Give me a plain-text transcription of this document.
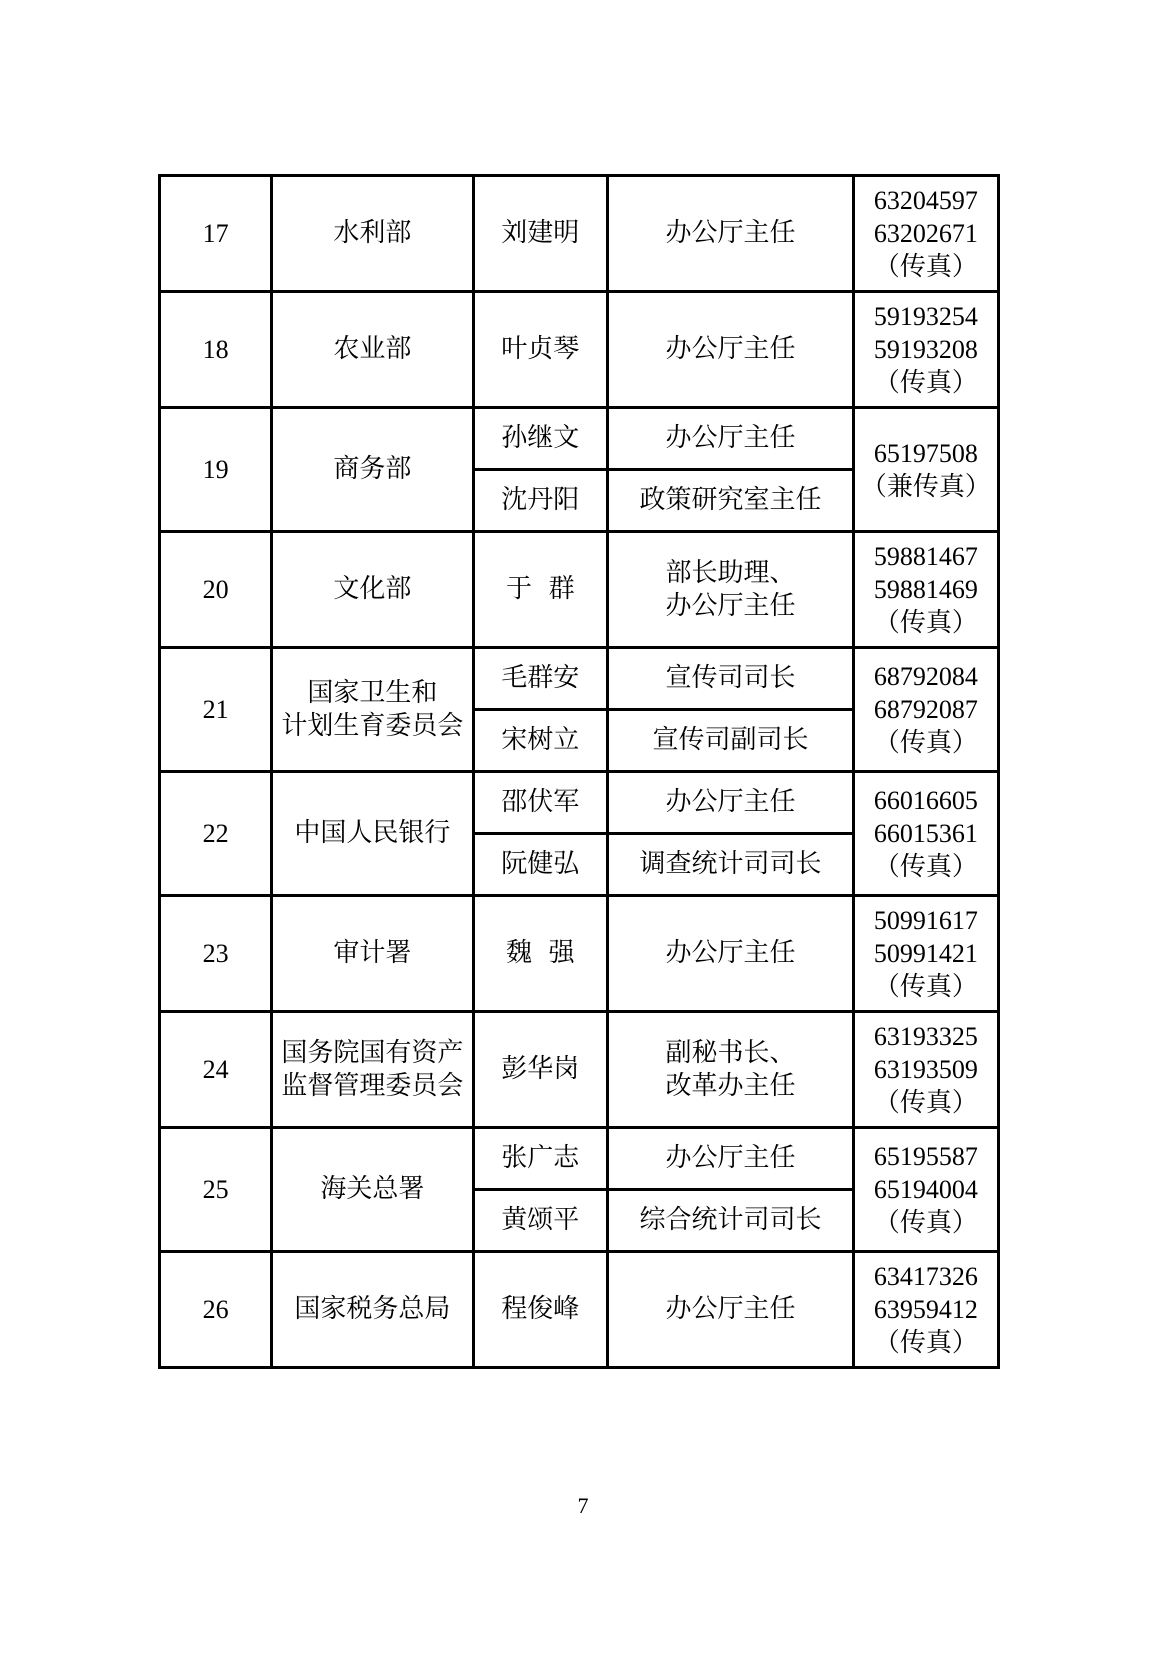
17	水利部	刘建明	办公厅主任	63204597
63202671
（传真）

18	农业部	叶贞琴	办公厅主任	59193254
59193208
（传真）

19	商务部	孙继文	办公厅主任	65197508
（兼传真）

		沈丹阳	政策研究室主任	
20	文化部	于  群	部长助理、
办公厅主任	59881467
59881469
（传真）

21	国家卫生和
计划生育委员会	毛群安	宣传司司长	68792084
68792087
（传真）

		宋树立	宣传司副司长	
22	中国人民银行	邵伏军	办公厅主任	66016605
66015361
（传真）

		阮健弘	调查统计司司长	
23	审计署	魏  强	办公厅主任	50991617
50991421
（传真）

24	国务院国有资产
监督管理委员会	彭华岗	副秘书长、
改革办主任	63193325
63193509
（传真）

25	海关总署	张广志	办公厅主任	65195587
65194004
（传真）

		黄颂平	综合统计司司长	
26	国家税务总局	程俊峰	办公厅主任	63417326
63959412
（传真）
7
